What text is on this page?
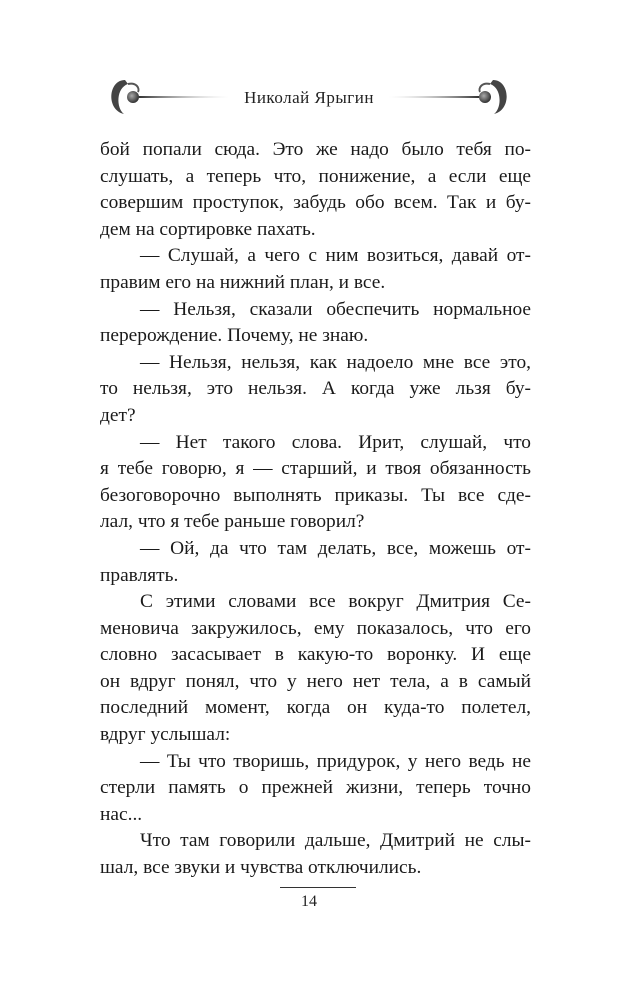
Николай Ярыгин
бой попали сюда. Это же надо было тебя по-
слушать, а теперь что, понижение, а если еще
совершим проступок, забудь обо всем. Так и бу-
дем на сортировке пахать.
— Слушай, а чего с ним возиться, давай от-
правим его на нижний план, и все.
— Нельзя, сказали обеспечить нормальное
перерождение. Почему, не знаю.
— Нельзя, нельзя, как надоело мне все это,
то нельзя, это нельзя. А когда уже льзя бу-
дет?
— Нет такого слова. Ирит, слушай, что
я тебе говорю, я — старший, и твоя обязанность
безоговорочно выполнять приказы. Ты все сде-
лал, что я тебе раньше говорил?
— Ой, да что там делать, все, можешь от-
правлять.
С этими словами все вокруг Дмитрия Се-
меновича закружилось, ему показалось, что его
словно засасывает в какую-то воронку. И еще
он вдруг понял, что у него нет тела, а в самый
последний момент, когда он куда-то полетел,
вдруг услышал:
— Ты что творишь, придурок, у него ведь не
стерли память о прежней жизни, теперь точно
нас...
Что там говорили дальше, Дмитрий не слы-
шал, все звуки и чувства отключились.
14
